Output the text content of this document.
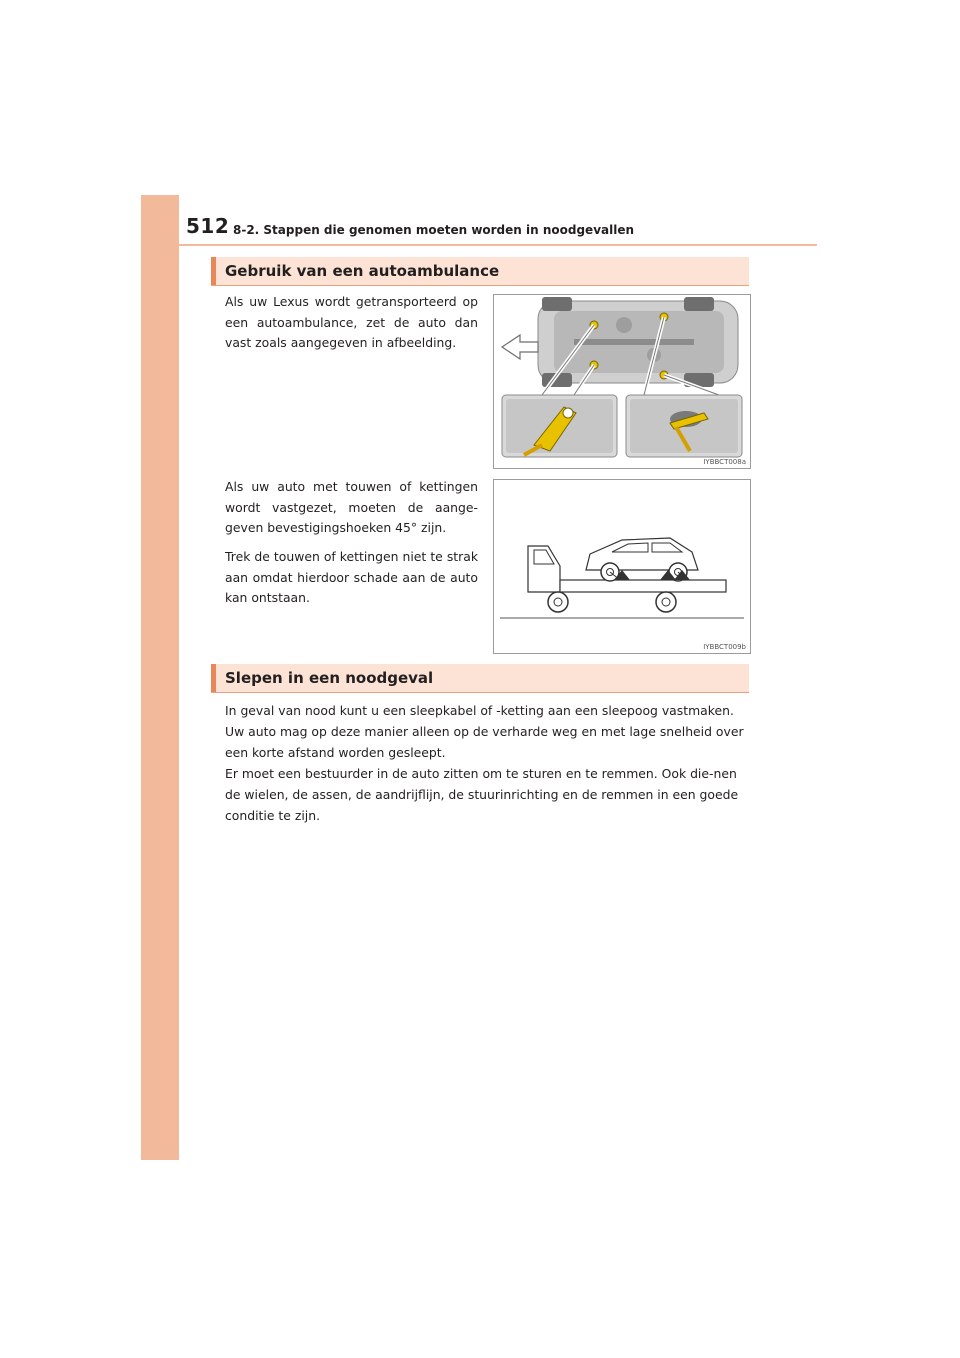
512 8-2. Stappen die genomen moeten worden in noodgevallen
Gebruik van een autoambulance
Als uw Lexus wordt getransporteerd op een autoambulance, zet de auto dan vast zoals aangegeven in afbeelding.
IYBBCT008a
Als uw auto met touwen of kettingen wordt vastgezet, moeten de aange-geven bevestigingshoeken 45° zijn.
Trek de touwen of kettingen niet te strak aan omdat hierdoor schade aan de auto kan ontstaan.
IYBBCT009b
Slepen in een noodgeval

In geval van nood kunt u een sleepkabel of -ketting aan een sleepoog vastmaken. Uw auto mag op deze manier alleen op de verharde weg en met lage snelheid over een korte afstand worden gesleept.

Er moet een bestuurder in de auto zitten om te sturen en te remmen. Ook die-nen de wielen, de assen, de aandrijflijn, de stuurinrichting en de remmen in een goede conditie te zijn.
